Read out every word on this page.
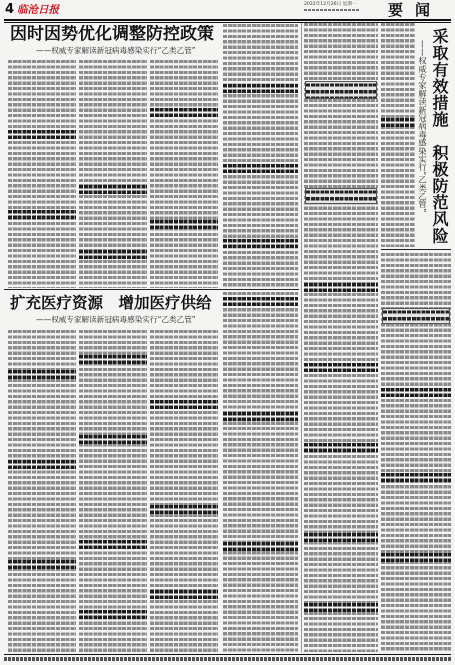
4 临沧日报	2022年12月26日 星期一 要闻
因时因势优化调整防控政策
——权威专家解读新冠病毒感染实行“乙类乙管”
扩充医疗资源　增加医疗供给
——权威专家解读新冠病毒感染实行“乙类乙管”
采取有效措施　积极防范风险
——权威专家解读新冠病毒感染实行“乙类乙管”
